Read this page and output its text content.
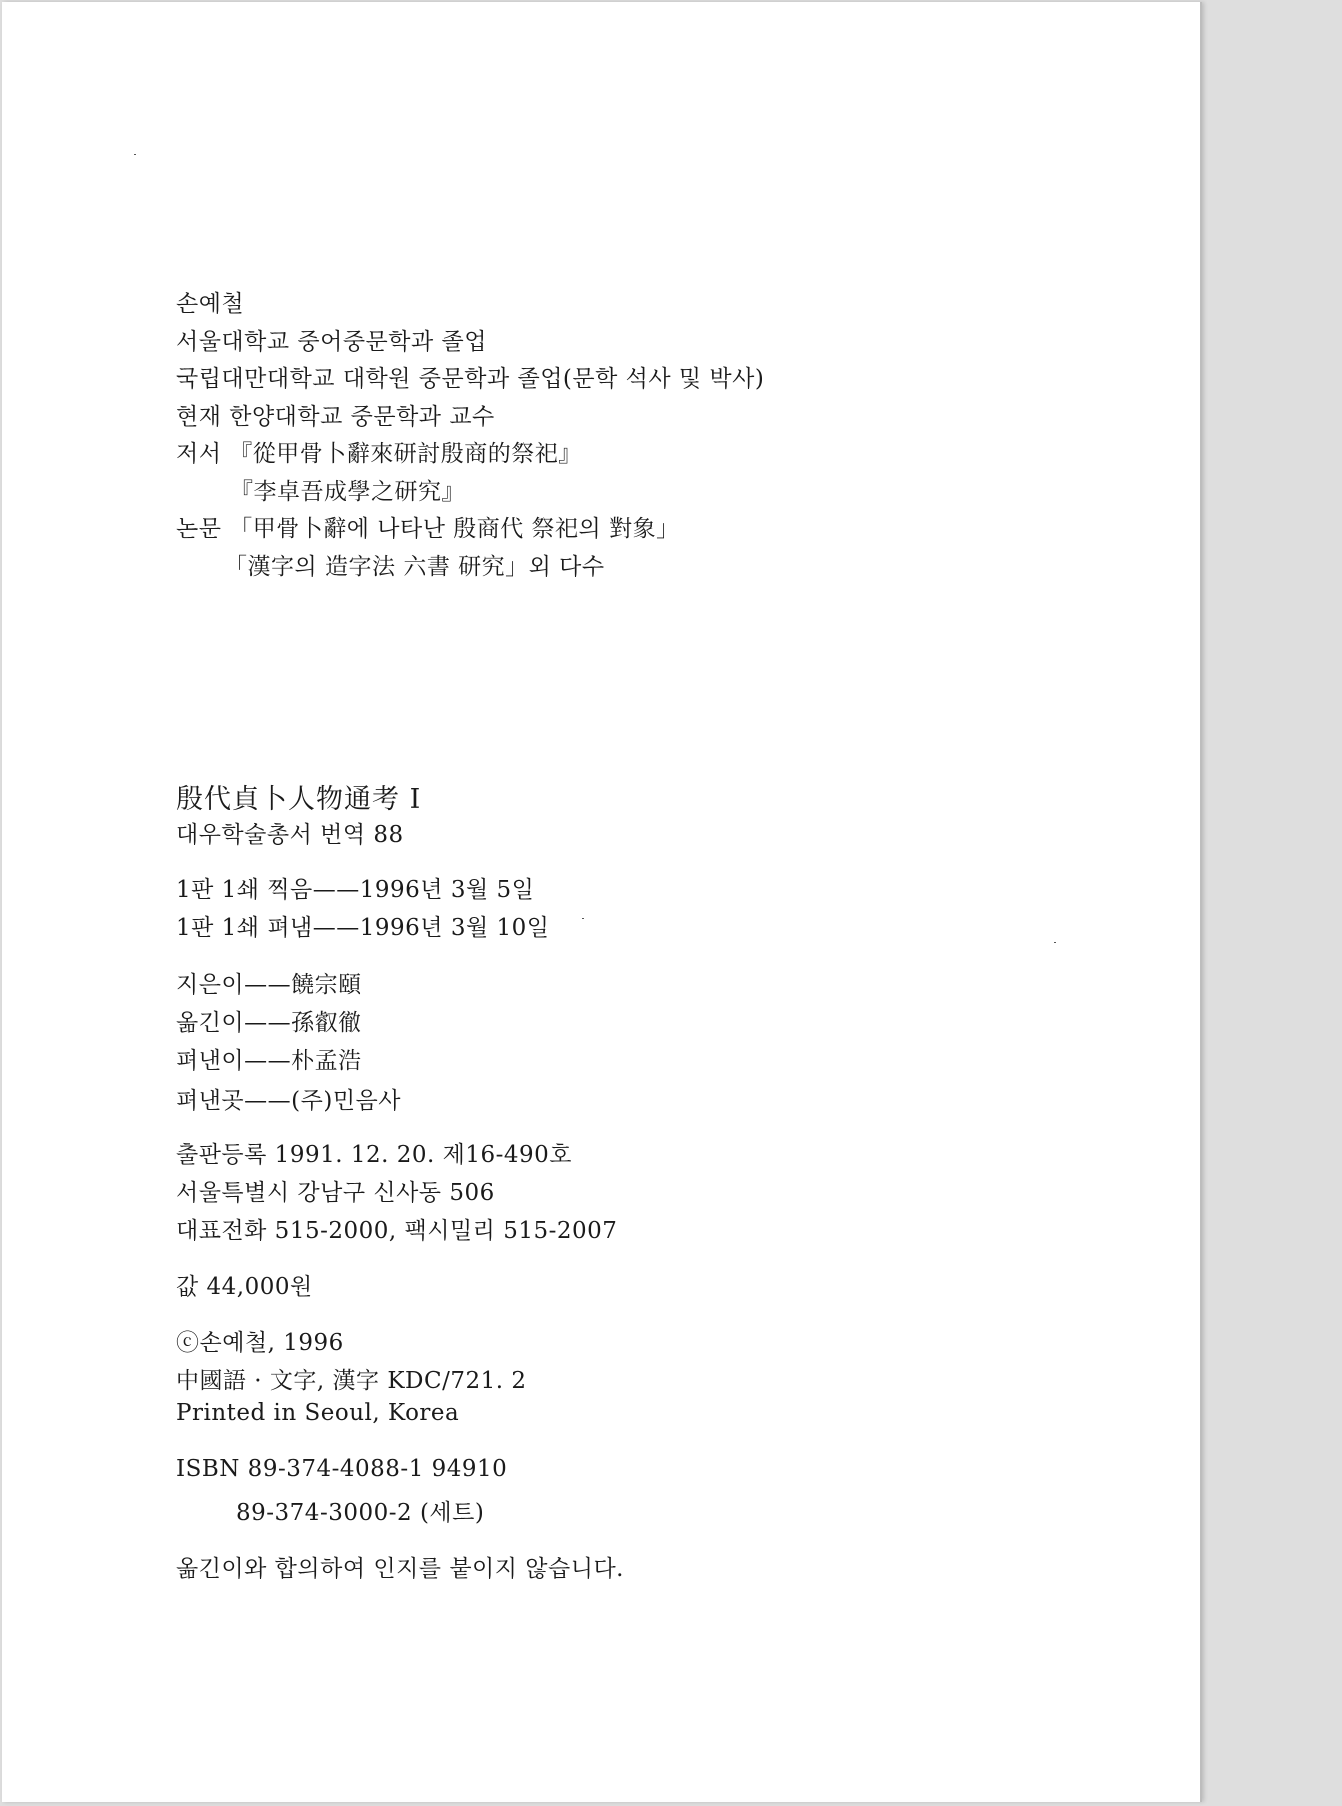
손예철
서울대학교 중어중문학과 졸업
국립대만대학교 대학원 중문학과 졸업(문학 석사 및 박사)
현재 한양대학교 중문학과 교수
저서 『從甲骨卜辭來研討殷商的祭祀』
『李卓吾成學之研究』
논문 「甲骨卜辭에 나타난 殷商代 祭祀의 對象」
「漢字의 造字法 六書 研究」외 다수
殷代貞卜人物通考 I
대우학술총서 번역 88
1판 1쇄 찍음——1996년 3월 5일
1판 1쇄 펴냄——1996년 3월 10일
지은이——饒宗頤
옮긴이——孫叡徹
펴낸이——朴孟浩
펴낸곳——(주)민음사
출판등록 1991. 12. 20. 제16-490호
서울특별시 강남구 신사동 506
대표전화 515-2000, 팩시밀리 515-2007
값 44,000원
ⓒ손예철, 1996
中國語 · 文字, 漢字 KDC/721. 2
Printed in Seoul, Korea
ISBN 89-374-4088-1 94910
89-374-3000-2 (세트)
옮긴이와 합의하여 인지를 붙이지 않습니다.
